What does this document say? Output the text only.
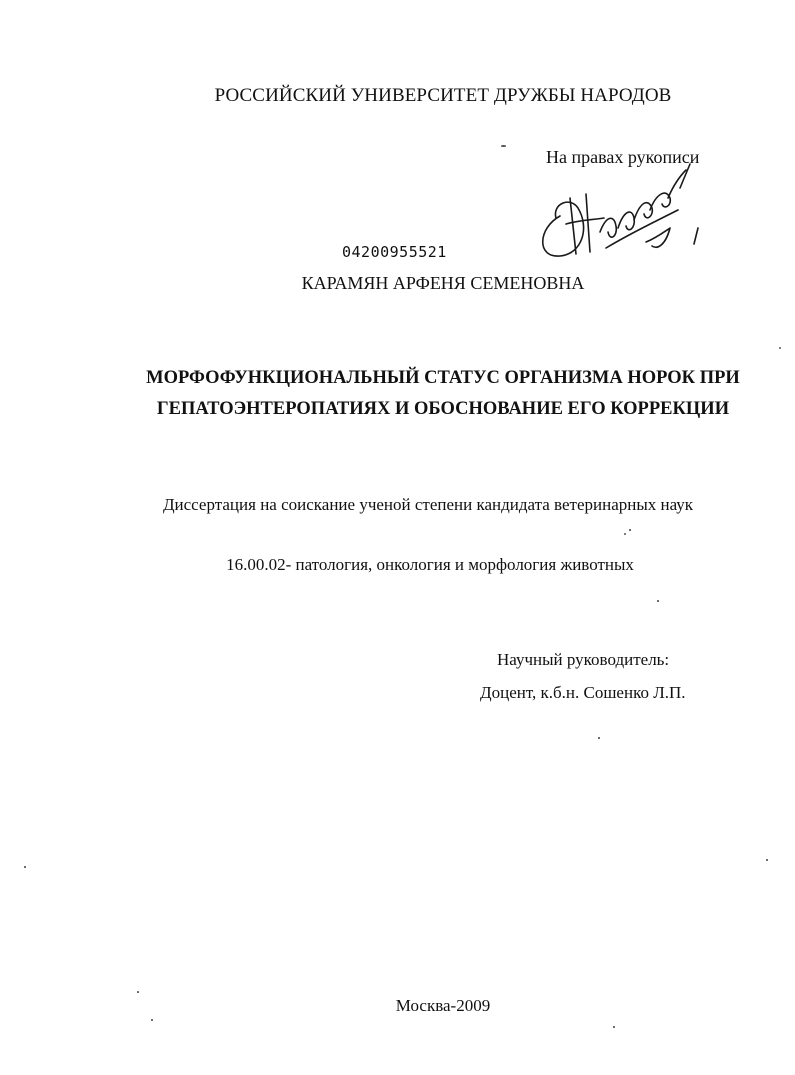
РОССИЙСКИЙ УНИВЕРСИТЕТ ДРУЖБЫ НАРОДОВ
На правах рукописи
04200955521
КАРАМЯН АРФЕНЯ СЕМЕНОВНА
МОРФОФУНКЦИОНАЛЬНЫЙ СТАТУС ОРГАНИЗМА НОРОК ПРИ
ГЕПАТОЭНТЕРОПАТИЯХ И ОБОСНОВАНИЕ ЕГО КОРРЕКЦИИ
Диссертация на соискание ученой степени кандидата ветеринарных наук
16.00.02- патология, онкология и морфология животных
Научный руководитель:
Доцент, к.б.н. Сошенко Л.П.
Москва-2009
